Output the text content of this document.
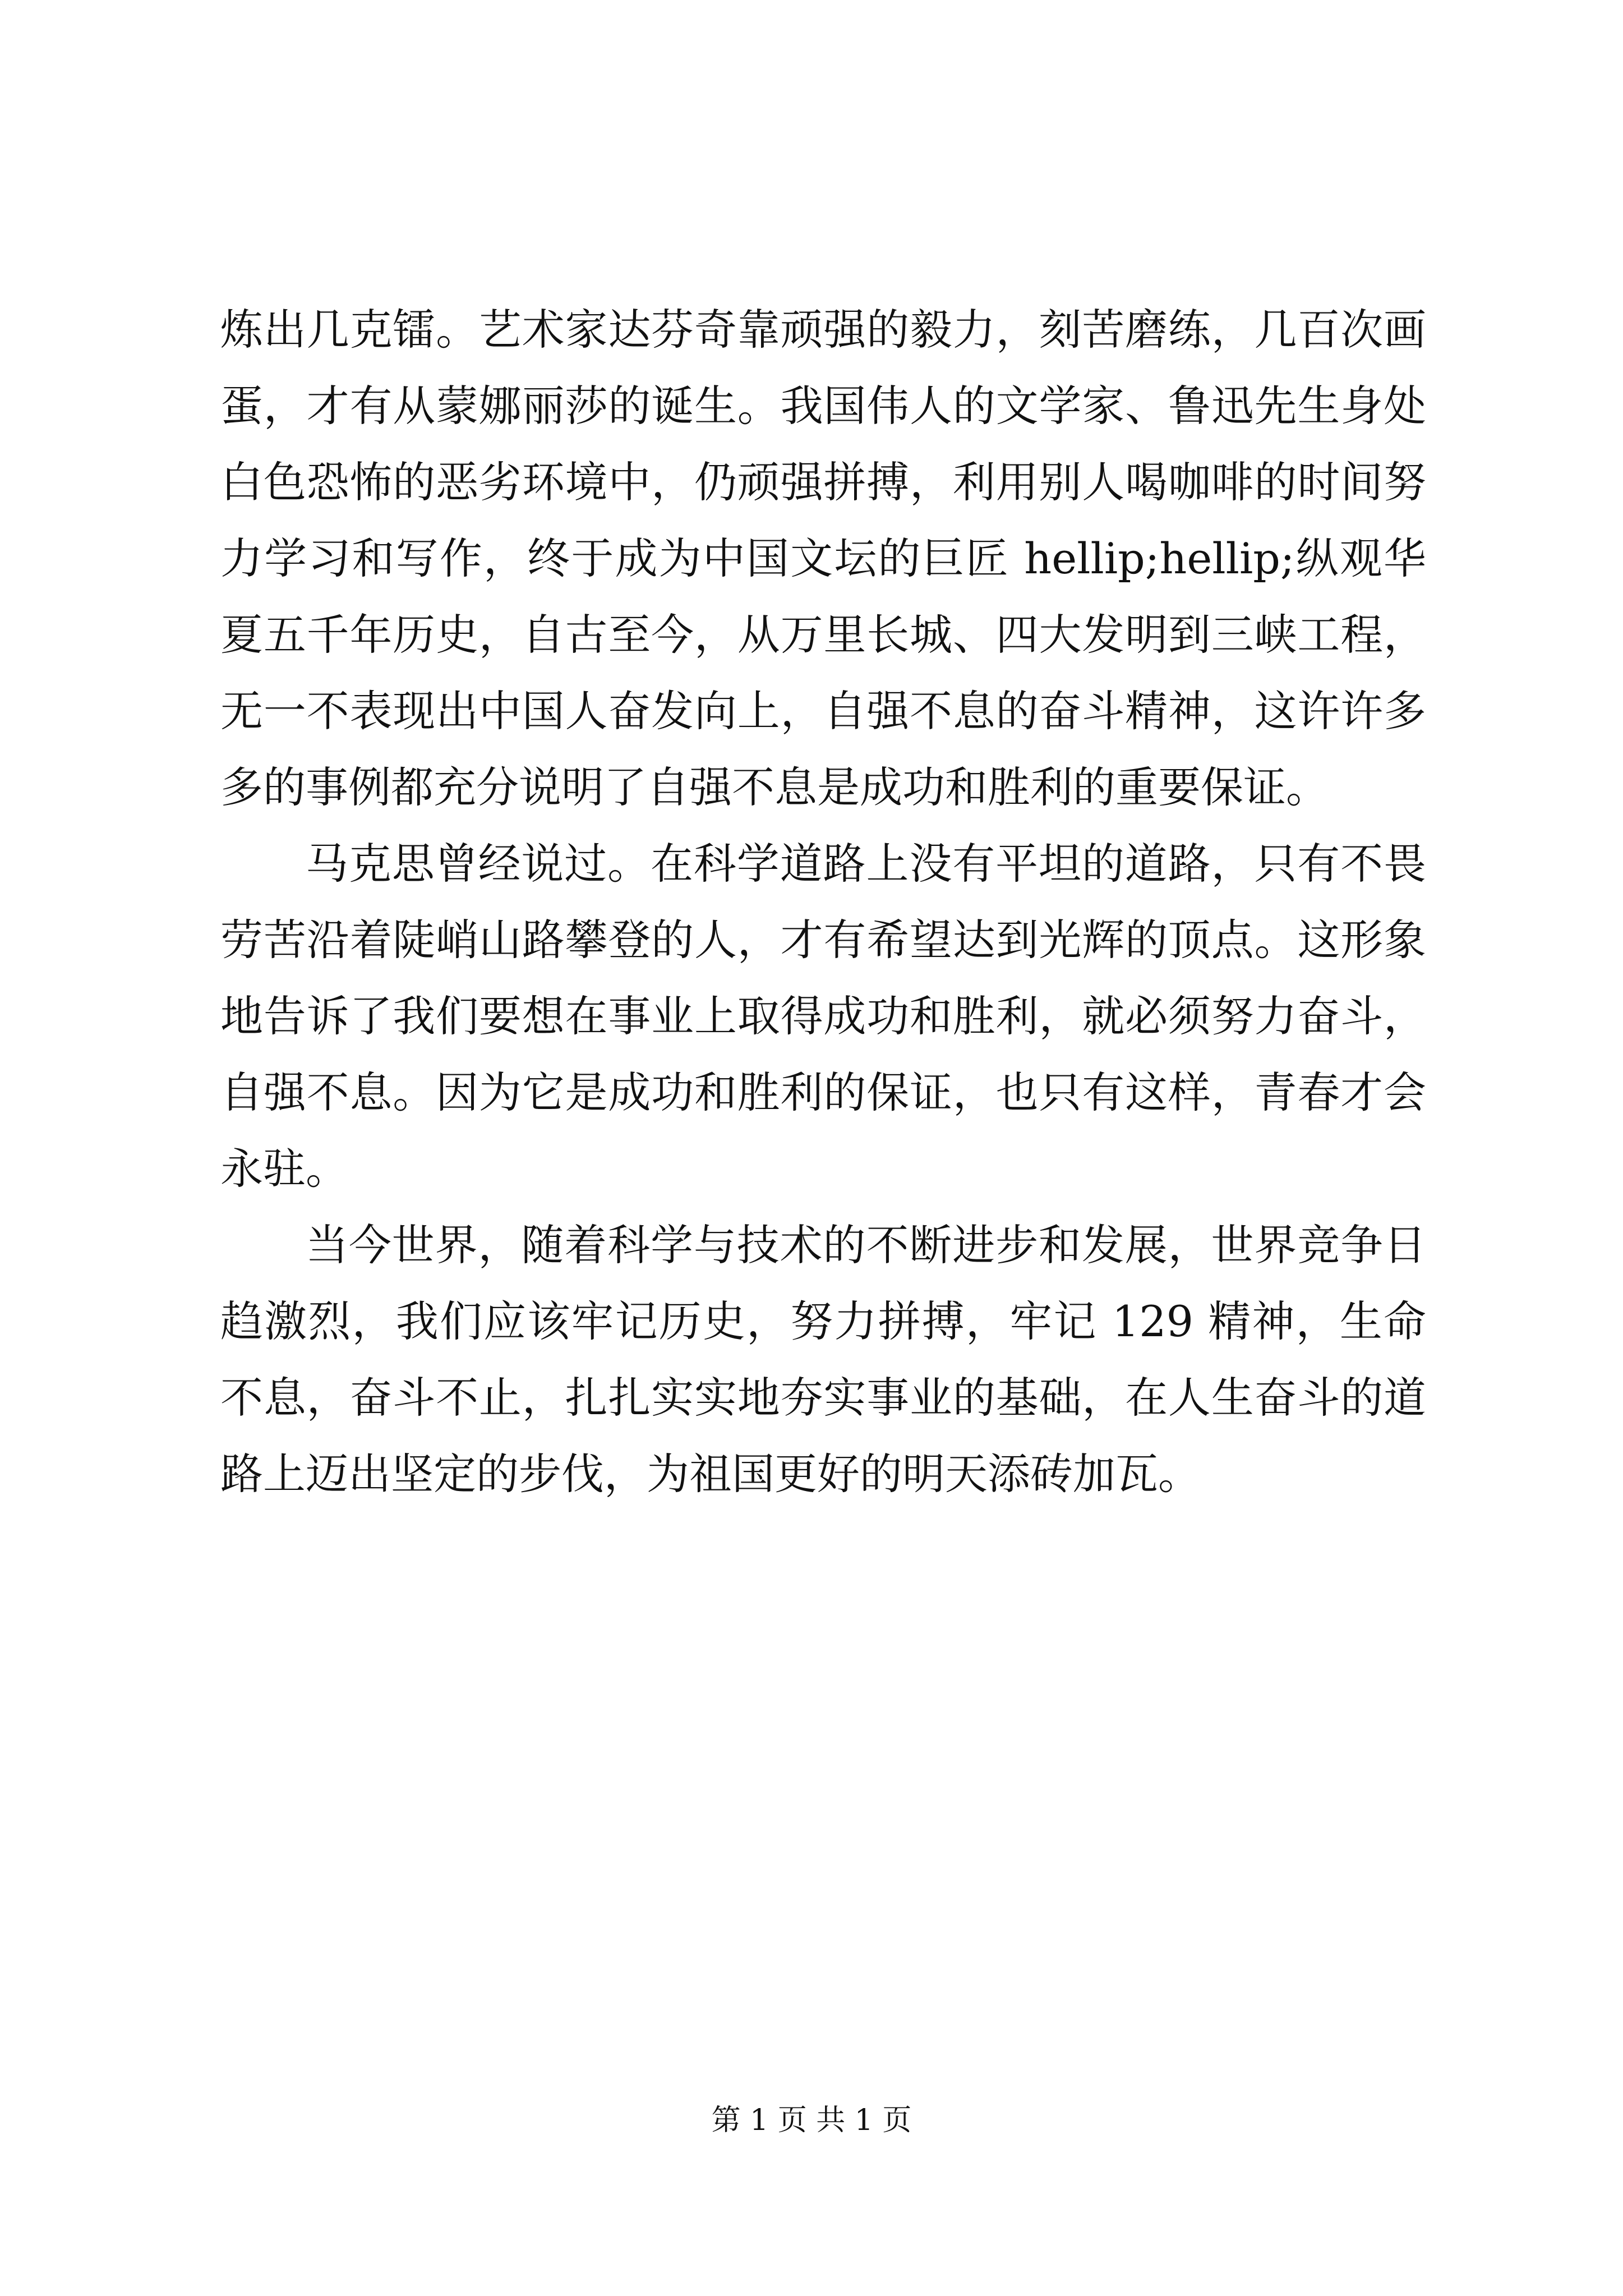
炼出几克镭。艺术家达芬奇靠顽强的毅力，刻苦磨练，几百次画蛋，才有从蒙娜丽莎的诞生。我国伟人的文学家、鲁迅先生身处白色恐怖的恶劣环境中，仍顽强拼搏，利用别人喝咖啡的时间努力学习和写作，终于成为中国文坛的巨匠 hellip;hellip;纵观华夏五千年历史，自古至今，从万里长城、四大发明到三峡工程，无一不表现出中国人奋发向上，自强不息的奋斗精神，这许许多多的事例都充分说明了自强不息是成功和胜利的重要保证。

马克思曾经说过。在科学道路上没有平坦的道路，只有不畏劳苦沿着陡峭山路攀登的人，才有希望达到光辉的顶点。这形象地告诉了我们要想在事业上取得成功和胜利，就必须努力奋斗，自强不息。因为它是成功和胜利的保证，也只有这样，青春才会永驻。

当今世界，随着科学与技术的不断进步和发展，世界竞争日趋激烈，我们应该牢记历史，努力拼搏，牢记 129 精神，生命不息，奋斗不止，扎扎实实地夯实事业的基础，在人生奋斗的道路上迈出坚定的步伐，为祖国更好的明天添砖加瓦。

第 1 页 共 1 页
